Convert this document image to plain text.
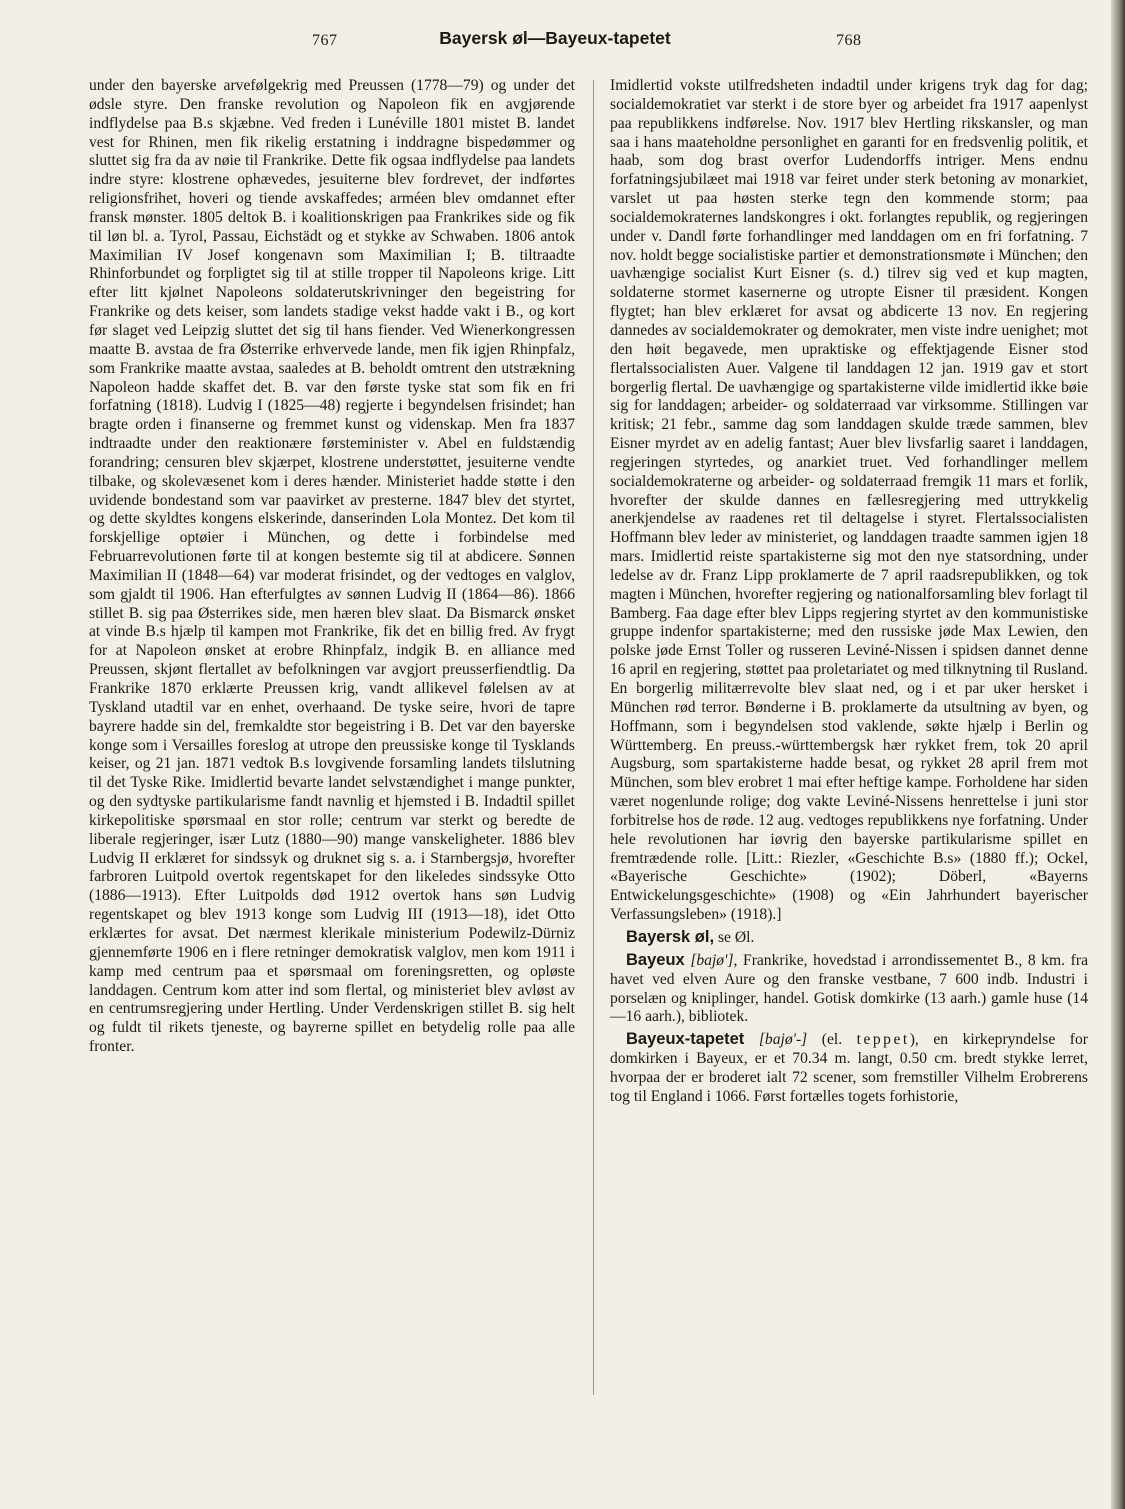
767	Bayersk øl—Bayeux-tapetet	768

under den bayerske arvefølgekrig med Preussen (1778—79) og under det ødsle styre. Den franske revolution og Napoleon fik en avgjørende indflydelse paa B.s skjæbne. Ved freden i Lunéville 1801 mistet B. landet vest for Rhinen, men fik rikelig erstatning i inddragne bispedømmer og sluttet sig fra da av nøie til Frankrike. Dette fik ogsaa indflydelse paa landets indre styre: klostrene ophævedes, jesuiterne blev fordrevet, der indførtes religionsfrihet, hoveri og tiende avskaffedes; arméen blev omdannet efter fransk mønster. 1805 deltok B. i koalitionskrigen paa Frankrikes side og fik til løn bl. a. Tyrol, Passau, Eichstädt og et stykke av Schwaben. 1806 antok Maximilian IV Josef kongenavn som Maximilian I; B. tiltraadte Rhinforbundet og forpligtet sig til at stille tropper til Napoleons krige. Litt efter litt kjølnet Napoleons soldaterutskrivninger den begeistring for Frankrike og dets keiser, som landets stadige vekst hadde vakt i B., og kort før slaget ved Leipzig sluttet det sig til hans fiender. Ved Wienerkongressen maatte B. avstaa de fra Østerrike erhvervede lande, men fik igjen Rhinpfalz, som Frankrike maatte avstaa, saaledes at B. beholdt omtrent den utstrækning Napoleon hadde skaffet det. B. var den første tyske stat som fik en fri forfatning (1818). Ludvig I (1825—48) regjerte i begyndelsen frisindet; han bragte orden i finanserne og fremmet kunst og videnskap. Men fra 1837 indtraadte under den reaktionære førsteminister v. Abel en fuldstændig forandring; censuren blev skjærpet, klostrene understøttet, jesuiterne vendte tilbake, og skolevæsenet kom i deres hænder. Ministeriet hadde støtte i den uvidende bondestand som var paavirket av presterne. 1847 blev det styrtet, og dette skyldtes kongens elskerinde, danserinden Lola Montez. Det kom til forskjellige optøier i München, og dette i forbindelse med Februarrevolutionen førte til at kongen bestemte sig til at abdicere. Sønnen Maximilian II (1848—64) var moderat frisindet, og der vedtoges en valglov, som gjaldt til 1906. Han efterfulgtes av sønnen Ludvig II (1864—86). 1866 stillet B. sig paa Østerrikes side, men hæren blev slaat. Da Bismarck ønsket at vinde B.s hjælp til kampen mot Frankrike, fik det en billig fred. Av frygt for at Napoleon ønsket at erobre Rhinpfalz, indgik B. en alliance med Preussen, skjønt flertallet av befolkningen var avgjort preusserfiendtlig. Da Frankrike 1870 erklærte Preussen krig, vandt allikevel følelsen av at Tyskland utadtil var en enhet, overhaand. De tyske seire, hvori de tapre bayrere hadde sin del, fremkaldte stor begeistring i B. Det var den bayerske konge som i Versailles foreslog at utrope den preussiske konge til Tysklands keiser, og 21 jan. 1871 vedtok B.s lovgivende forsamling landets tilslutning til det Tyske Rike. Imidlertid bevarte landet selvstændighet i mange punkter, og den sydtyske partikularisme fandt navnlig et hjemsted i B. Indadtil spillet kirkepolitiske spørsmaal en stor rolle; centrum var sterkt og beredte de liberale regjeringer, især Lutz (1880—90) mange vanskeligheter. 1886 blev Ludvig II erklæret for sindssyk og druknet sig s. a. i Starnbergsjø, hvorefter farbroren Luitpold overtok regentskapet for den likeledes sindssyke Otto (1886—1913). Efter Luitpolds død 1912 overtok hans søn Ludvig regentskapet og blev 1913 konge som Ludvig III (1913—18), idet Otto erklærtes for avsat. Det nærmest klerikale ministerium Podewilz-Dürniz gjennemførte 1906 en i flere retninger demokratisk valglov, men kom 1911 i kamp med centrum paa et spørsmaal om foreningsretten, og opløste landdagen. Centrum kom atter ind som flertal, og ministeriet blev avløst av en centrumsregjering under Hertling. Under Verdenskrigen stillet B. sig helt og fuldt til rikets tjeneste, og bayrerne spillet en betydelig rolle paa alle fronter.

Imidlertid vokste utilfredsheten indadtil under krigens tryk dag for dag; socialdemokratiet var sterkt i de store byer og arbeidet fra 1917 aapenlyst paa republikkens indførelse. Nov. 1917 blev Hertling rikskansler, og man saa i hans maateholdne personlighet en garanti for en fredsvenlig politik, et haab, som dog brast overfor Ludendorffs intriger. Mens endnu forfatningsjubilæet mai 1918 var feiret under sterk betoning av monarkiet, varslet ut paa høsten sterke tegn den kommende storm; paa socialdemokraternes landskongres i okt. forlangtes republik, og regjeringen under v. Dandl førte forhandlinger med landdagen om en fri forfatning. 7 nov. holdt begge socialistiske partier et demonstrationsmøte i München; den uavhængige socialist Kurt Eisner (s. d.) tilrev sig ved et kup magten, soldaterne stormet kasernerne og utropte Eisner til præsident. Kongen flygtet; han blev erklæret for avsat og abdicerte 13 nov. En regjering dannedes av socialdemokrater og demokrater, men viste indre uenighet; mot den høit begavede, men upraktiske og effektjagende Eisner stod flertalssocialisten Auer. Valgene til landdagen 12 jan. 1919 gav et stort borgerlig flertal. De uavhængige og spartakisterne vilde imidlertid ikke bøie sig for landdagen; arbeider- og soldaterraad var virksomme. Stillingen var kritisk; 21 febr., samme dag som landdagen skulde træde sammen, blev Eisner myrdet av en adelig fantast; Auer blev livsfarlig saaret i landdagen, regjeringen styrtedes, og anarkiet truet. Ved forhandlinger mellem socialdemokraterne og arbeider- og soldaterraad fremgik 11 mars et forlik, hvorefter der skulde dannes en fællesregjering med uttrykkelig anerkjendelse av raadenes ret til deltagelse i styret. Flertalssocialisten Hoffmann blev leder av ministeriet, og landdagen traadte sammen igjen 18 mars. Imidlertid reiste spartakisterne sig mot den nye statsordning, under ledelse av dr. Franz Lipp proklamerte de 7 april raadsrepublikken, og tok magten i München, hvorefter regjering og nationalforsamling blev forlagt til Bamberg. Faa dage efter blev Lipps regjering styrtet av den kommunistiske gruppe indenfor spartakisterne; med den russiske jøde Max Lewien, den polske jøde Ernst Toller og russeren Leviné-Nissen i spidsen dannet denne 16 april en regjering, støttet paa proletariatet og med tilknytning til Rusland. En borgerlig militærrevolte blev slaat ned, og i et par uker hersket i München rød terror. Bønderne i B. proklamerte da utsultning av byen, og Hoffmann, som i begyndelsen stod vaklende, søkte hjælp i Berlin og Württemberg. En preuss.-württembergsk hær rykket frem, tok 20 april Augsburg, som spartakisterne hadde besat, og rykket 28 april frem mot München, som blev erobret 1 mai efter heftige kampe. Forholdene har siden været nogenlunde rolige; dog vakte Leviné-Nissens henrettelse i juni stor forbitrelse hos de røde. 12 aug. vedtoges republikkens nye forfatning. Under hele revolutionen har iøvrig den bayerske partikularisme spillet en fremtrædende rolle. [Litt.: Riezler, «Geschichte B.s» (1880 ff.); Ockel, «Bayerische Geschichte» (1902); Döberl, «Bayerns Entwickelungsgeschichte» (1908) og «Ein Jahrhundert bayerischer Verfassungsleben» (1918).]

Bayersk øl, se Øl.

Bayeux [bajø'], Frankrike, hovedstad i arrondissementet B., 8 km. fra havet ved elven Aure og den franske vestbane, 7 600 indb. Industri i porselæn og kniplinger, handel. Gotisk domkirke (13 aarh.) gamle huse (14—16 aarh.), bibliotek.

Bayeux-tapetet [bajø'-] (el. teppet), en kirkepryndelse for domkirken i Bayeux, er et 70.34 m. langt, 0.50 cm. bredt stykke lerret, hvorpaa der er broderet ialt 72 scener, som fremstiller Vilhelm Erobrerens tog til England i 1066. Først fortælles togets forhistorie,
